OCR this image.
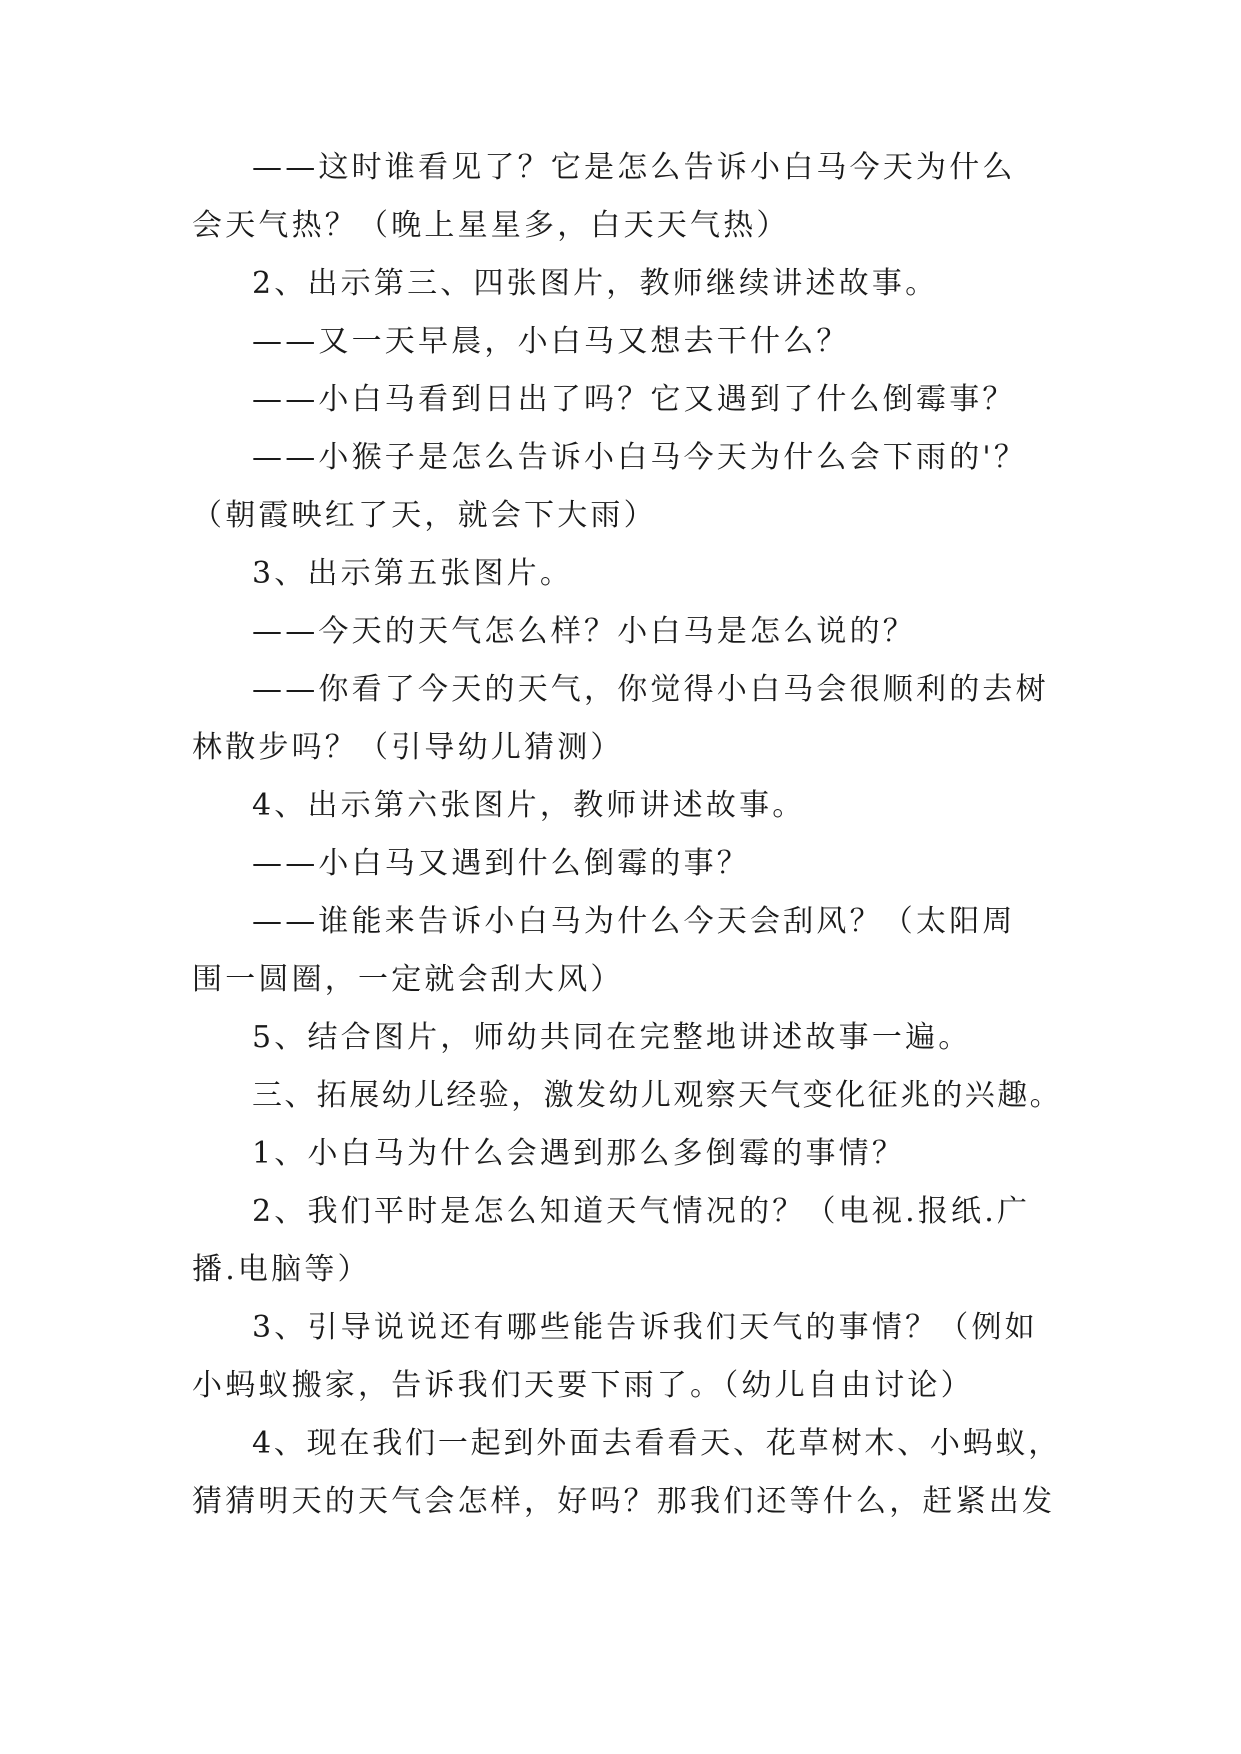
——这时谁看见了？它是怎么告诉小白马今天为什么
会天气热？（晚上星星多，白天天气热）
2、出示第三、四张图片，教师继续讲述故事。
——又一天早晨，小白马又想去干什么？
——小白马看到日出了吗？它又遇到了什么倒霉事？
——小猴子是怎么告诉小白马今天为什么会下雨的'？
（朝霞映红了天，就会下大雨）
3、出示第五张图片。
——今天的天气怎么样？小白马是怎么说的？
——你看了今天的天气，你觉得小白马会很顺利的去树
林散步吗？（引导幼儿猜测）
4、出示第六张图片，教师讲述故事。
——小白马又遇到什么倒霉的事？
——谁能来告诉小白马为什么今天会刮风？（太阳周
围一圆圈，一定就会刮大风）
5、结合图片，师幼共同在完整地讲述故事一遍。
三、拓展幼儿经验，激发幼儿观察天气变化征兆的兴趣。
1、小白马为什么会遇到那么多倒霉的事情？
2、我们平时是怎么知道天气情况的？（电视.报纸.广
播.电脑等）
3、引导说说还有哪些能告诉我们天气的事情？（例如
小蚂蚁搬家，告诉我们天要下雨了。（幼儿自由讨论）
4、现在我们一起到外面去看看天、花草树木、小蚂蚁，
猜猜明天的天气会怎样，好吗？那我们还等什么，赶紧出发
